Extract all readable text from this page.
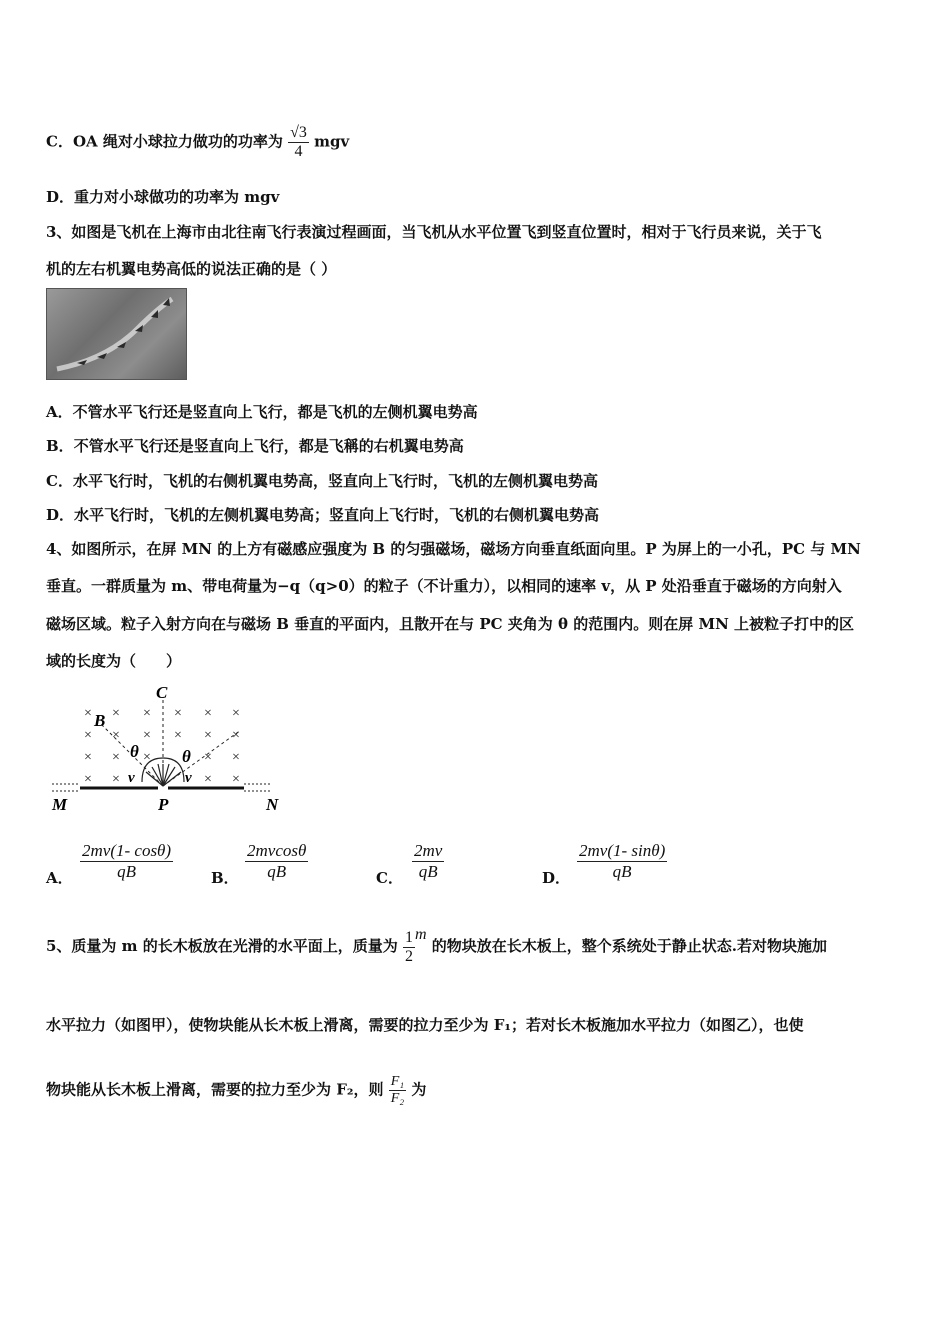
C．OA 绳对小球拉力做功的功率为 $\frac{√3}{4}$ mgv
D．重力对小球做功的功率为 mgv
3、如图是飞机在上海市由北往南飞行表演过程画面，当飞机从水平位置飞到竖直位置时，相对于飞行员来说，关于飞
机的左右机翼电势高低的说法正确的是（ ）
A．不管水平飞行还是竖直向上飞行，都是飞机的左侧机翼电势高
B．不管水平飞行还是竖直向上飞行，都是飞稱的右机翼电势高
C．水平飞行时，飞机的右侧机翼电势高，竖直向上飞行时，飞机的左侧机翼电势高
D．水平飞行时，飞机的左侧机翼电势高；竖直向上飞行时，飞机的右侧机翼电势高
4、如图所示，在屏 MN 的上方有磁感应强度为 B 的匀强磁场，磁场方向垂直纸面向里。P 为屏上的一小孔，PC 与 MN
垂直。一群质量为 m、带电荷量为−q（q>0）的粒子（不计重力），以相同的速率 v，从 P 处沿垂直于磁场的方向射入
磁场区域。粒子入射方向在与磁场 B 垂直的平面内，且散开在与 PC 夹角为 θ 的范围内。则在屏 MN 上被粒子打中的区
域的长度为（　　）
× × × × × ×
× × × × × ×
× × ×	× ×
× ×	× ×
C
B
θ	θ
v	v
M	P	N
A． $\frac{2mv(1- \cos\theta)}{qB}$	B． $\frac{2mvcos\theta}{qB}$	C． $\frac{2mv}{qB}$	D． $\frac{2mv(1- \sin\theta)}{qB}$
5、质量为 m 的长木板放在光滑的水平面上，质量为 $\frac{1}{2}$ m 的物块放在长木板上，整个系统处于静止状态.若对物块施加
水平拉力（如图甲），使物块能从长木板上滑离，需要的拉力至少为 F₁；若对长木板施加水平拉力（如图乙），也使
物块能从长木板上滑离，需要的拉力至少为 F₂，则 $\frac{\text{F₁}}{\text{F₂}}$ 为
